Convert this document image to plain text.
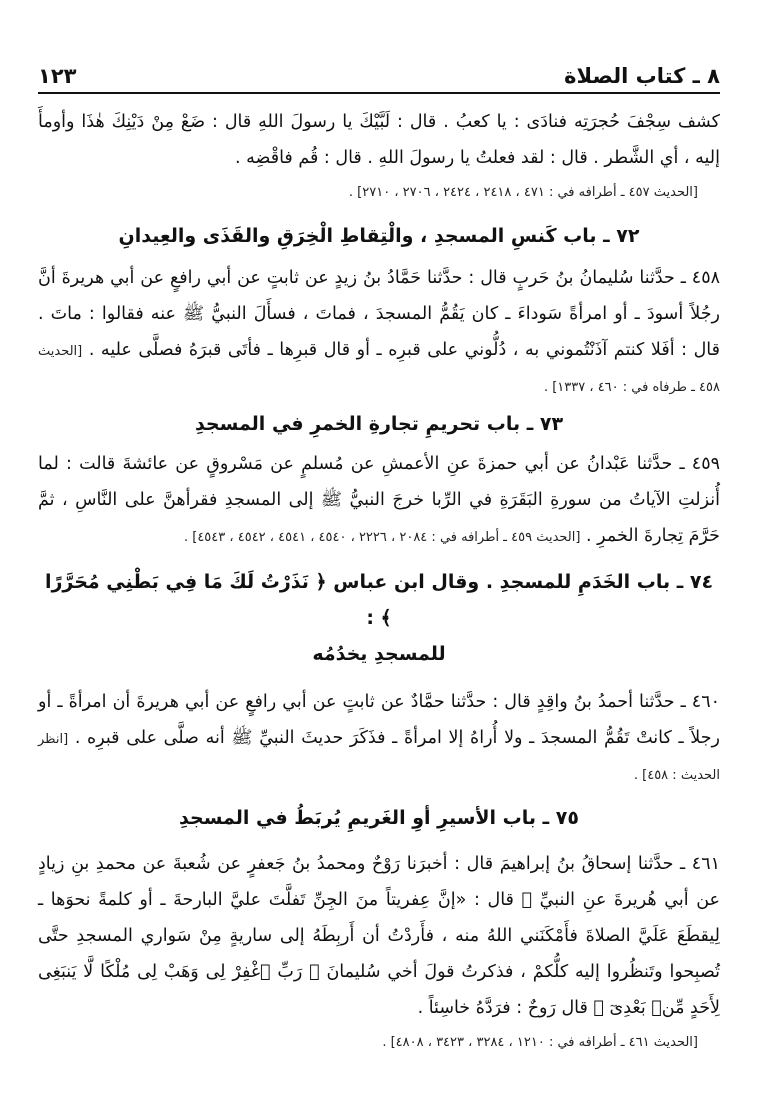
٨ ـ كتاب الصلاة
١٢٣

كشف سِجْفَ حُجرَتِه فنادَى : يا كعبُ . قال : لَبَّيْكَ يا رسولَ اللهِ قال : ضَعْ مِنْ دَيْنِكَ هٰذَا وأومأَ إليه ، أي الشَّطر . قال : لقد فعلتُ يا رسولَ اللهِ . قال : قُم فاقْضِه .

[الحديث ٤٥٧ ـ أطرافه في : ٤٧١ ، ٢٤١٨ ، ٢٤٢٤ ، ٢٧٠٦ ، ٢٧١٠] .

٧٢ ـ باب كَنسِ المسجدِ ، والْتِقاطِ الْخِرَقِ والقَذَى والعِيدانِ

٤٥٨ ـ حدَّثنا سُليمانُ بنُ حَربٍ قال : حدَّثنا حَمَّادُ بنُ زيدٍ عن ثابتٍ عن أبي رافعٍ عن أبي هريرةَ أنَّ رجُلاً أسودَ ـ أو امرأةً سَوداءَ ـ كان يَقُمُّ المسجدَ ، فماتَ ، فسأَلَ النبيُّ ﷺ عنه فقالوا : ماتَ . قال : أفَلا كنتم آذَنْتُموني به ، دُلُّوني على قبرِه ـ أو قال قبرِها ـ فأتَى قبرَهُ فصلَّى عليه . [الحديث ٤٥٨ ـ طرفاه في : ٤٦٠ ، ١٣٣٧] .

٧٣ ـ باب تحريمِ تجارةِ الخمرِ في المسجدِ

٤٥٩ ـ حدَّثنا عَبْدانُ عن أبي حمزةَ عنِ الأعمشِ عن مُسلمٍ عن مَسْروقٍ عن عائشةَ قالت : لما أُنزلتِ الآياتُ من سورةِ البَقَرَةِ في الرِّبا خرجَ النبيُّ ﷺ إلى المسجدِ فقرأهنَّ على النَّاسِ ، ثمَّ حَرَّمَ تِجارةَ الخمرِ . [الحديث ٤٥٩ ـ أطرافه في : ٢٠٨٤ ، ٢٢٢٦ ، ٤٥٤٠ ، ٤٥٤١ ، ٤٥٤٢ ، ٤٥٤٣] .

٧٤ ـ باب الخَدَمِ للمسجدِ . وقال ابن عباس ﴿ نَذَرْتُ لَكَ مَا فِي بَطْنِي مُحَرَّرًا ﴾ :
للمسجدِ يخدُمُه

٤٦٠ ـ حدَّثنا أحمدُ بنُ واقِدٍ قال : حدَّثنا حمَّادٌ عن ثابتٍ عن أبي رافعٍ عن أبي هريرةَ أن امرأةً ـ أو رجلاً ـ كانتْ تَقُمُّ المسجدَ ـ ولا أُراهُ إلا امرأةً ـ فذَكَرَ حديثَ النبيِّ ﷺ أنه صلَّى على قبرِه . [انظر الحديث : ٤٥٨] .

٧٥ ـ باب الأسيرِ أوِ الغَريمِ يُربَطُ في المسجدِ

٤٦١ ـ حدَّثنا إسحاقُ بنُ إبراهيمَ قال : أخبرَنا رَوْحٌ ومحمدُ بنُ جَعفرٍ عن شُعبةَ عن محمدِ بنِ زيادٍ عن أبي هُريرةَ عنِ النبيِّ ﷺ قال : «إنَّ عِفريتاً منَ الجِنِّ تَفلَّتَ عليَّ البارحةَ ـ أو كلمةً نحوَها ـ لِيقطَعَ عَلَيَّ الصلاةَ فأَمْكَنَني اللهُ منه ، فأَردْتُ أن أَربِطَهُ إلى ساريةٍ مِنْ سَواري المسجدِ حتَّى تُصبِحوا وتَنظُروا إليه كلُّكمْ ، فذكرتُ قولَ أخي سُليمانَ ﴿ رَبِّ ٱغْفِرْ لِى وَهَبْ لِى مُلْكًا لَّا يَنبَغِى لِأَحَدٍ مِّنۢ بَعْدِىٓ ﴾ قال رَوحٌ : فرَدَّهُ خاسِئاً .

[الحديث ٤٦١ ـ أطرافه في : ١٢١٠ ، ٣٢٨٤ ، ٣٤٢٣ ، ٤٨٠٨] .
